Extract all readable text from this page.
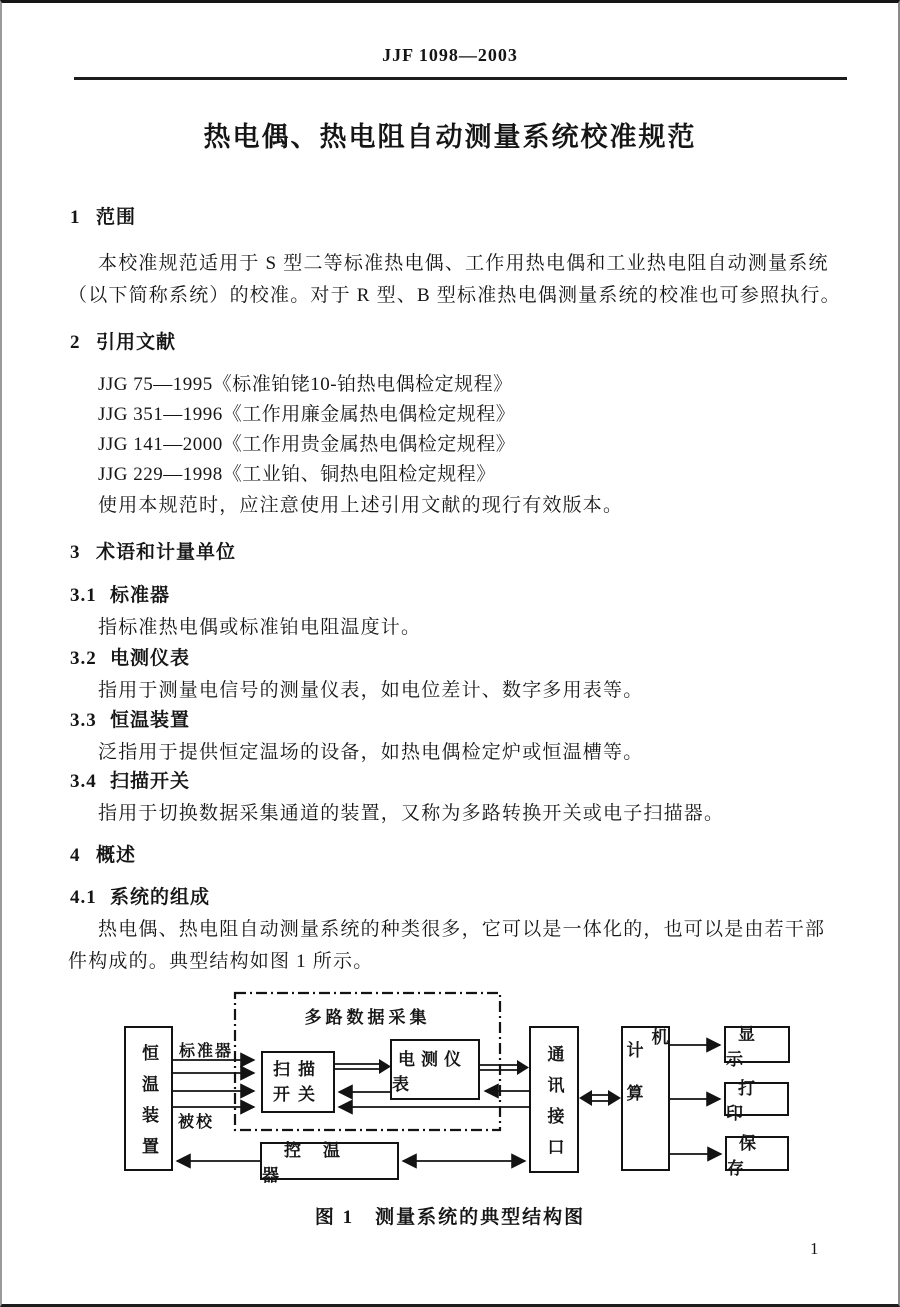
JJF 1098—2003
热电偶、热电阻自动测量系统校准规范
1 范围
本校准规范适用于 S 型二等标准热电偶、工作用热电偶和工业热电阻自动测量系统
（以下简称系统）的校准。对于 R 型、B 型标准热电偶测量系统的校准也可参照执行。
2 引用文献
JJG 75—1995《标准铂铑10-铂热电偶检定规程》
JJG 351—1996《工作用廉金属热电偶检定规程》
JJG 141—2000《工作用贵金属热电偶检定规程》
JJG 229—1998《工业铂、铜热电阻检定规程》
使用本规范时，应注意使用上述引用文献的现行有效版本。
3 术语和计量单位
3.1 标准器
指标准热电偶或标准铂电阻温度计。
3.2 电测仪表
指用于测量电信号的测量仪表，如电位差计、数字多用表等。
3.3 恒温装置
泛指用于提供恒定温场的设备，如热电偶检定炉或恒温槽等。
3.4 扫描开关
指用于切换数据采集通道的装置，又称为多路转换开关或电子扫描器。
4 概述
4.1 系统的组成
热电偶、热电阻自动测量系统的种类很多，它可以是一体化的，也可以是由若干部
件构成的。典型结构如图 1 所示。
多路数据采集
标准器
被校
恒温装置	扫描
开关
电测仪表	通讯接口	计算机	显示
打印
保存
控温器
图 1　测量系统的典型结构图
1
